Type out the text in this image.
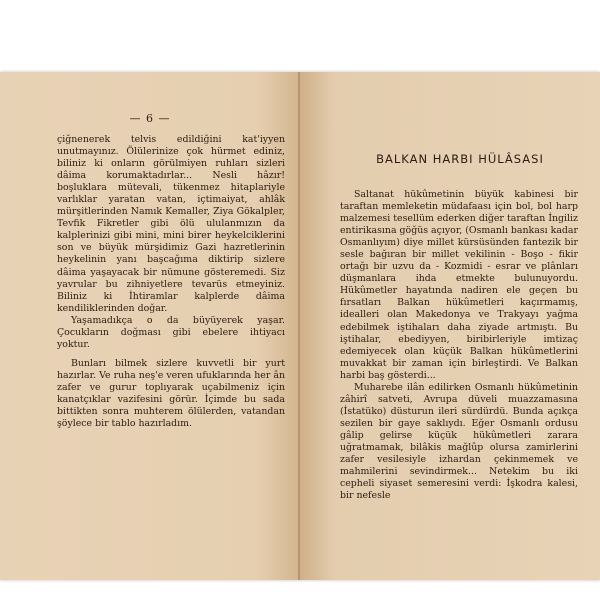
— 6 —

çiğnenerek telvis edildiğini kat'iyyen unutmayınız. Ölülerinize çok hürmet ediniz, biliniz ki onların görülmiyen ruhları sizleri dâima korumaktadırlar... Nesli hâzır! boşluklara mütevali, tükenmez hitaplariyle varlıklar yaratan vatan, içtimaiyat, ahlâk mürşitlerinden Namık Kemaller, Ziya Gökalpler, Tevfik Fikretler gibi ölü ululanmızın da kalplerinizi gibi mini, mini birer heykelciklerini son ve büyük mürşidimiz Gazi hazretlerinin heykelinin yanı başcağıma diktirip sizlere dâima yaşayacak bir nümune gösteremedi. Siz yavrular bu zihniyetlere tevarüs etmeyiniz. Biliniz ki İhtiramlar kalplerde dâima kendiliklerinden doğar.

Yaşamadıkça o da büyüyerek yaşar. Çocukların doğması gibi ebelere ihtiyacı yoktur.

Bunları bilmek sizlere kuvvetli bir yurt hazırlar. Ve ruha neş'e veren ufuklarında her ân zafer ve gurur toplıyarak uçabilmeniz için kanatçıklar vazifesini görür. İçimde bu sada bittikten sonra muhterem ölülerden, vatandan şöylece bir tablo hazırladım.

BALKAN HARBI HÜLÂSASI

Saltanat hükûmetinin büyük kabinesi bir taraftan memleketin müdafaası için bol, bol harp malzemesi tesellüm ederken diğer taraftan İngiliz entirikasına göğüs açıyor, (Osmanlı bankası kadar Osmanlıyım) diye millet kürsüsünden fantezik bir sesle bağıran bir millet vekilinin - Boşo - fikir ortağı bir uzvu da - Kozmidi - esrar ve plânları düşmanlara ihda etmekte bulunuyordu. Hükûmetler hayatında nadiren ele geçen bu fırsatları Balkan hükûmetleri kaçırmamış, idealleri olan Makedonya ve Trakyayı yağma edebilmek iştihaları daha ziyade artmıştı. Bu iştihalar, ebediyyen, biribirleriyle imtizaç edemiyecek olan küçük Balkan hükûmetlerini muvakkat bir zaman için birleştirdi. Ve Balkan harbi baş gösterdi...

Muharebe ilân edilirken Osmanlı hükûmetinin zâhirî satveti, Avrupa düveli muazzamasına (İstatüko) düsturun ileri sürdürdü. Bunda açıkça sezilen bir gaye saklıydı. Eğer Osmanlı ordusu gâlip gelirse küçük hükûmetleri zarara uğratmamak, bilâkis mağlûp olursa zamirlerini zafer vesilesiyle izhardan çekinmemek ve mahmilerini sevindirmek... Netekim bu iki cepheli siyaset semeresini verdi: İşkodra kalesi, bir nefesle
